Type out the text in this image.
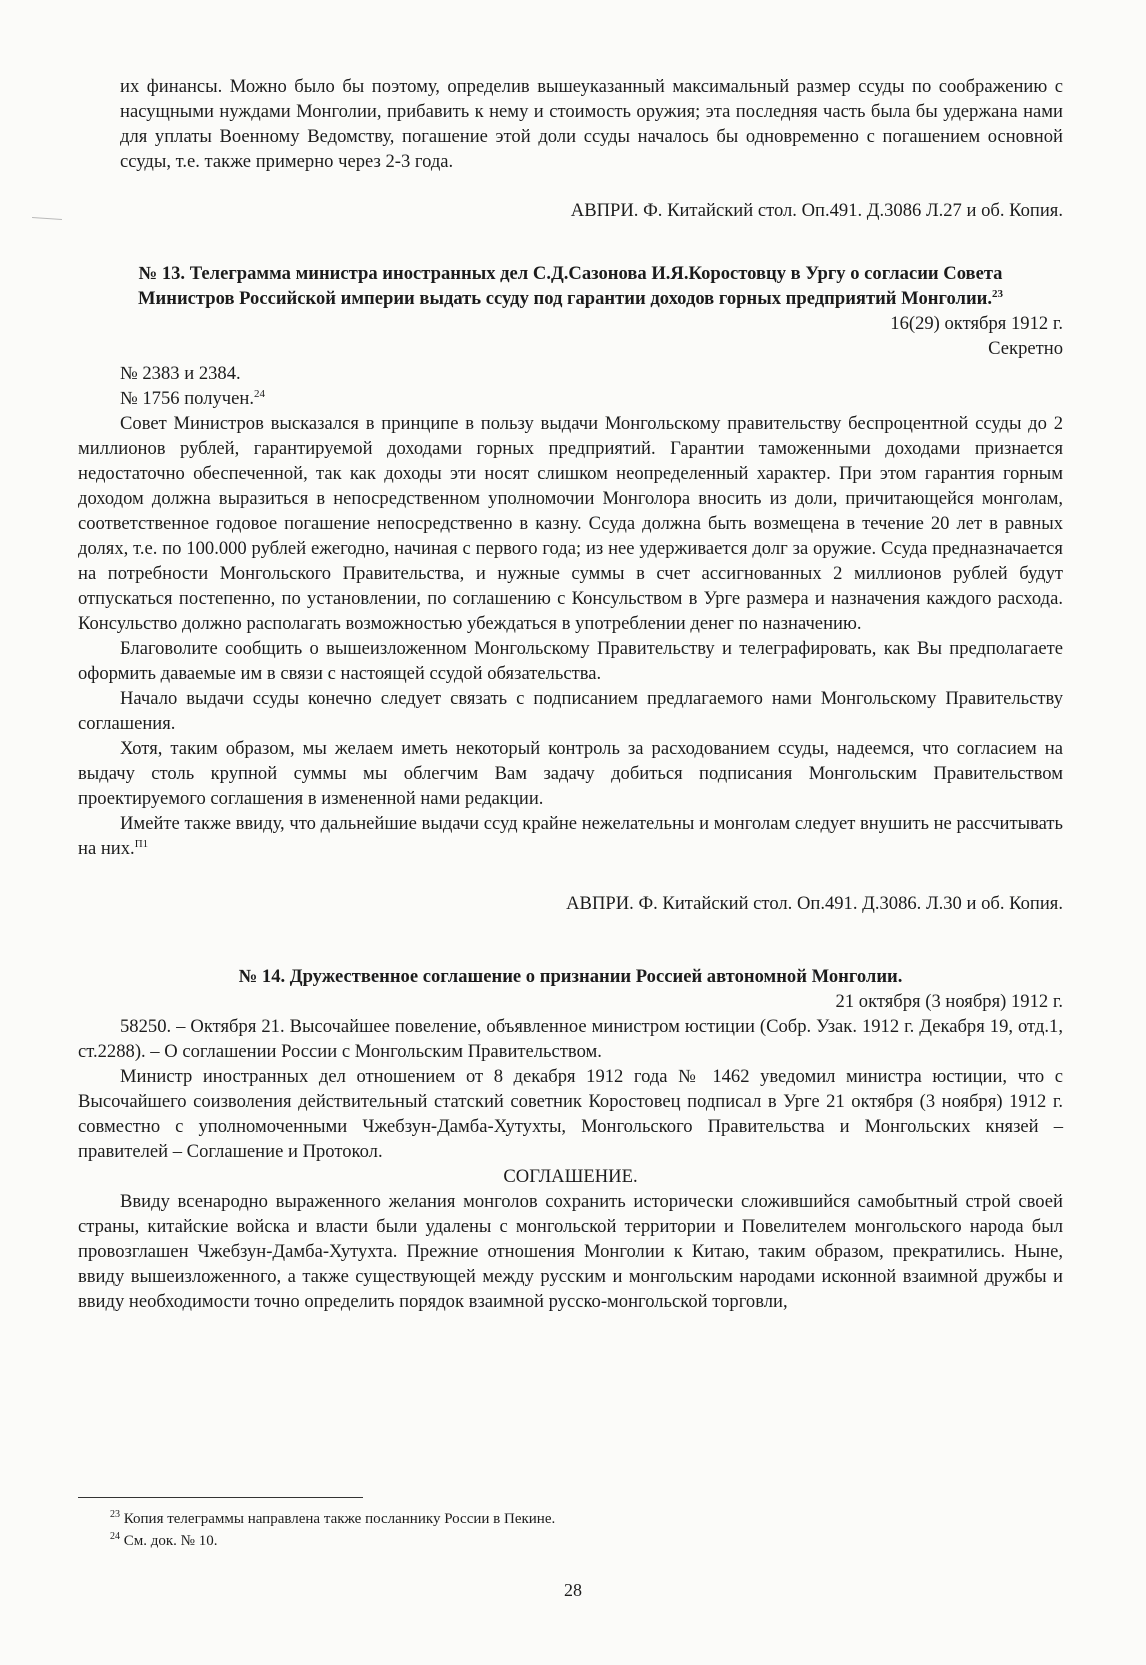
их финансы. Можно было бы поэтому, определив вышеуказанный максимальный размер ссуды по соображению с насущными нуждами Монголии, прибавить к нему и стоимость оружия; эта последняя часть была бы удержана нами для уплаты Военному Ведомству, погашение этой доли ссуды началось бы одновременно с погашением основной ссуды, т.е. также примерно через 2-3 года.

АВПРИ. Ф. Китайский стол. Оп.491. Д.3086 Л.27 и об. Копия.

№ 13. Телеграмма министра иностранных дел С.Д.Сазонова И.Я.Коростовцу в Ургу о согласии Совета Министров Российской империи выдать ссуду под гарантии доходов горных предприятий Монголии.$^{23}$

16(29) октября 1912 г.

Секретно

№ 2383 и 2384.

№ 1756 получен.$^{24}$

Совет Министров высказался в принципе в пользу выдачи Монгольскому правительству беспроцентной ссуды до 2 миллионов рублей, гарантируемой доходами горных предприятий. Гарантии таможенными доходами признается недостаточно обеспеченной, так как доходы эти носят слишком неопределенный характер. При этом гарантия горным доходом должна выразиться в непосредственном уполномочии Монголора вносить из доли, причитающейся монголам, соответственное годовое погашение непосредственно в казну. Ссуда должна быть возмещена в течение 20 лет в равных долях, т.е. по 100.000 рублей ежегодно, начиная с первого года; из нее удерживается долг за оружие. Ссуда предназначается на потребности Монгольского Правительства, и нужные суммы в счет ассигнованных 2 миллионов рублей будут отпускаться постепенно, по установлении, по соглашению с Консульством в Урге размера и назначения каждого расхода. Консульство должно располагать возможностью убеждаться в употреблении денег по назначению.

Благоволите сообщить о вышеизложенном Монгольскому Правительству и телеграфировать, как Вы предполагаете оформить даваемые им в связи с настоящей ссудой обязательства.

Начало выдачи ссуды конечно следует связать с подписанием предлагаемого нами Монгольскому Правительству соглашения.

Хотя, таким образом, мы желаем иметь некоторый контроль за расходованием ссуды, надеемся, что согласием на выдачу столь крупной суммы мы облегчим Вам задачу добиться подписания Монгольским Правительством проектируемого соглашения в измененной нами редакции.

Имейте также ввиду, что дальнейшие выдачи ссуд крайне нежелательны и монголам следует внушить не рассчитывать на них.$^{П1}$

АВПРИ. Ф. Китайский стол. Оп.491. Д.3086. Л.30 и об. Копия.

№ 14. Дружественное соглашение о признании Россией автономной Монголии.

21 октября (3 ноября) 1912 г.

58250. – Октября 21. Высочайшее повеление, объявленное министром юстиции (Собр. Узак. 1912 г. Декабря 19, отд.1, ст.2288). – О соглашении России с Монгольским Правительством.

Министр иностранных дел отношением от 8 декабря 1912 года № 1462 уведомил министра юстиции, что с Высочайшего соизволения действительный статский советник Коростовец подписал в Урге 21 октября (3 ноября) 1912 г. совместно с уполномоченными Чжебзун-Дамба-Хутухты, Монгольского Правительства и Монгольских князей – правителей – Соглашение и Протокол.

СОГЛАШЕНИЕ.

Ввиду всенародно выраженного желания монголов сохранить исторически сложившийся самобытный строй своей страны, китайские войска и власти были удалены с монгольской территории и Повелителем монгольского народа был провозглашен Чжебзун-Дамба-Хутухта. Прежние отношения Монголии к Китаю, таким образом, прекратились. Ныне, ввиду вышеизложенного, а также существующей между русским и монгольским народами исконной взаимной дружбы и ввиду необходимости точно определить порядок взаимной русско-монгольской торговли,

$^{23}$ Копия телеграммы направлена также посланнику России в Пекине.
$^{24}$ См. док. № 10.
28
